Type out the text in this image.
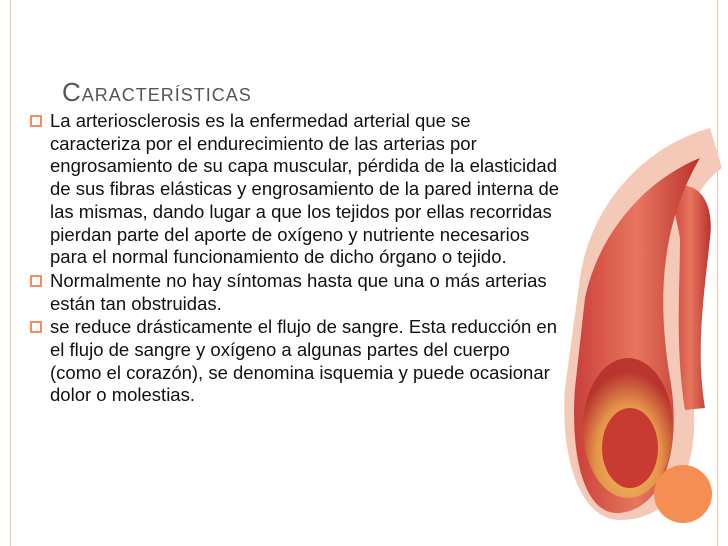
Características
La arteriosclerosis es la enfermedad arterial que se caracteriza por el endurecimiento de las arterias por engrosamiento de su capa muscular, pérdida de la elasticidad de sus fibras elásticas y engrosamiento de la pared interna de las mismas, dando lugar a que los tejidos por ellas recorridas pierdan parte del aporte de oxígeno y nutriente necesarios para el normal funcionamiento de dicho órgano o tejido.
Normalmente no hay síntomas hasta que una o más arterias están tan obstruidas.
se reduce drásticamente el flujo de sangre. Esta reducción en el flujo de sangre y oxígeno a algunas partes del cuerpo (como el corazón), se denomina isquemia y puede ocasionar dolor o molestias.
